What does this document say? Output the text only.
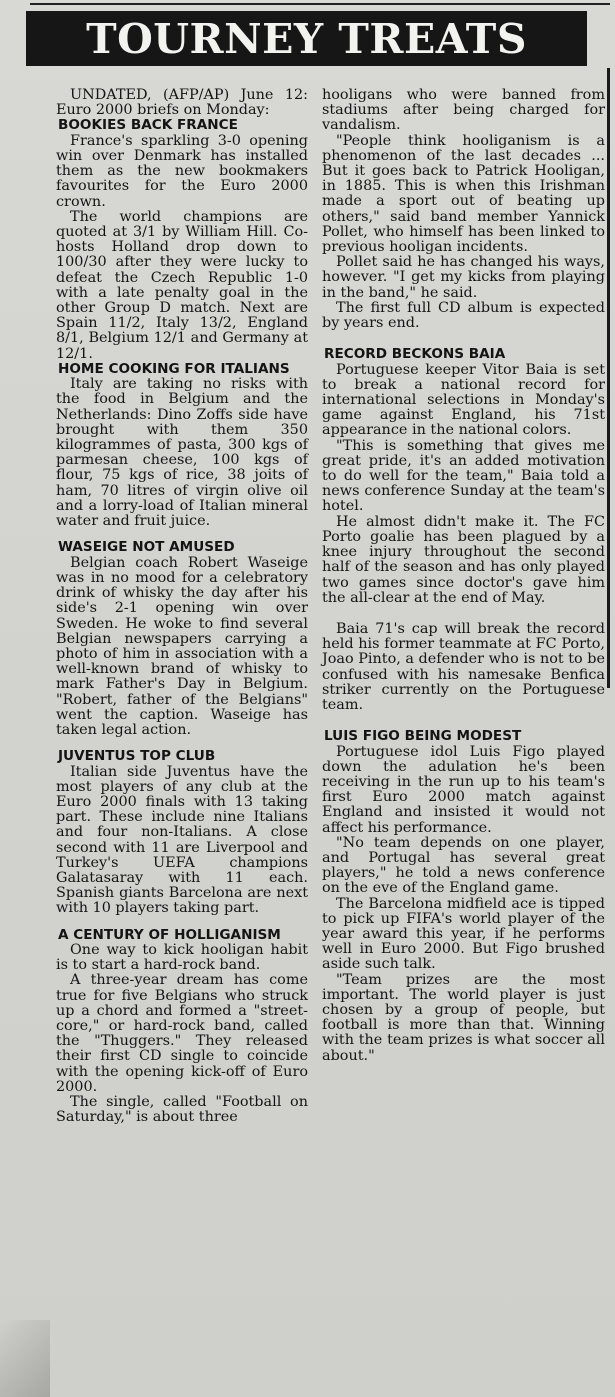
TOURNEY TREATS

UNDATED, (AFP/AP) June 12: Euro 2000 briefs on Monday:

BOOKIES BACK FRANCE

France's sparkling 3-0 opening win over Denmark has installed them as the new bookmakers favourites for the Euro 2000 crown.

The world champions are quoted at 3/1 by William Hill. Co-hosts Holland drop down to 100/30 after they were lucky to defeat the Czech Republic 1-0 with a late penalty goal in the other Group D match. Next are Spain 11/2, Italy 13/2, England 8/1, Belgium 12/1 and Germany at 12/1.

HOME COOKING FOR ITALIANS

Italy are taking no risks with the food in Belgium and the Netherlands: Dino Zoffs side have brought with them 350 kilogrammes of pasta, 300 kgs of parmesan cheese, 100 kgs of flour, 75 kgs of rice, 38 joits of ham, 70 litres of virgin olive oil and a lorry-load of Italian mineral water and fruit juice.

WASEIGE NOT AMUSED

Belgian coach Robert Waseige was in no mood for a celebratory drink of whisky the day after his side's 2-1 opening win over Sweden. He woke to find several Belgian newspapers carrying a photo of him in association with a well-known brand of whisky to mark Father's Day in Belgium. "Robert, father of the Belgians" went the caption. Waseige has taken legal action.

JUVENTUS TOP CLUB

Italian side Juventus have the most players of any club at the Euro 2000 finals with 13 taking part. These include nine Italians and four non-Italians. A close second with 11 are Liverpool and Turkey's UEFA champions Galatasaray with 11 each. Spanish giants Barcelona are next with 10 players taking part.

A CENTURY OF HOLLIGANISM

One way to kick hooligan habit is to start a hard-rock band.

A three-year dream has come true for five Belgians who struck up a chord and formed a "street-core," or hard-rock band, called the "Thuggers." They released their first CD single to coincide with the opening kick-off of Euro 2000.

The single, called "Football on Saturday," is about three

hooligans who were banned from stadiums after being charged for vandalism.

"People think hooliganism is a phenomenon of the last decades ... But it goes back to Patrick Hooligan, in 1885. This is when this Irishman made a sport out of beating up others," said band member Yannick Pollet, who himself has been linked to previous hooligan incidents.

Pollet said he has changed his ways, however. "I get my kicks from playing in the band," he said.

The first full CD album is expected by years end.

RECORD BECKONS BAIA

Portuguese keeper Vitor Baia is set to break a national record for international selections in Monday's game against England, his 71st appearance in the national colors.

"This is something that gives me great pride, it's an added motivation to do well for the team," Baia told a news conference Sunday at the team's hotel.

He almost didn't make it. The FC Porto goalie has been plagued by a knee injury throughout the second half of the season and has only played two games since doctor's gave him the all-clear at the end of May.

Baia 71's cap will break the record held his former teammate at FC Porto, Joao Pinto, a defender who is not to be confused with his namesake Benfica striker currently on the Portuguese team.

LUIS FIGO BEING MODEST

Portuguese idol Luis Figo played down the adulation he's been receiving in the run up to his team's first Euro 2000 match against England and insisted it would not affect his performance.

"No team depends on one player, and Portugal has several great players," he told a news conference on the eve of the England game.

The Barcelona midfield ace is tipped to pick up FIFA's world player of the year award this year, if he performs well in Euro 2000. But Figo brushed aside such talk.

"Team prizes are the most important. The world player is just chosen by a group of people, but football is more than that. Winning with the team prizes is what soccer all about."
